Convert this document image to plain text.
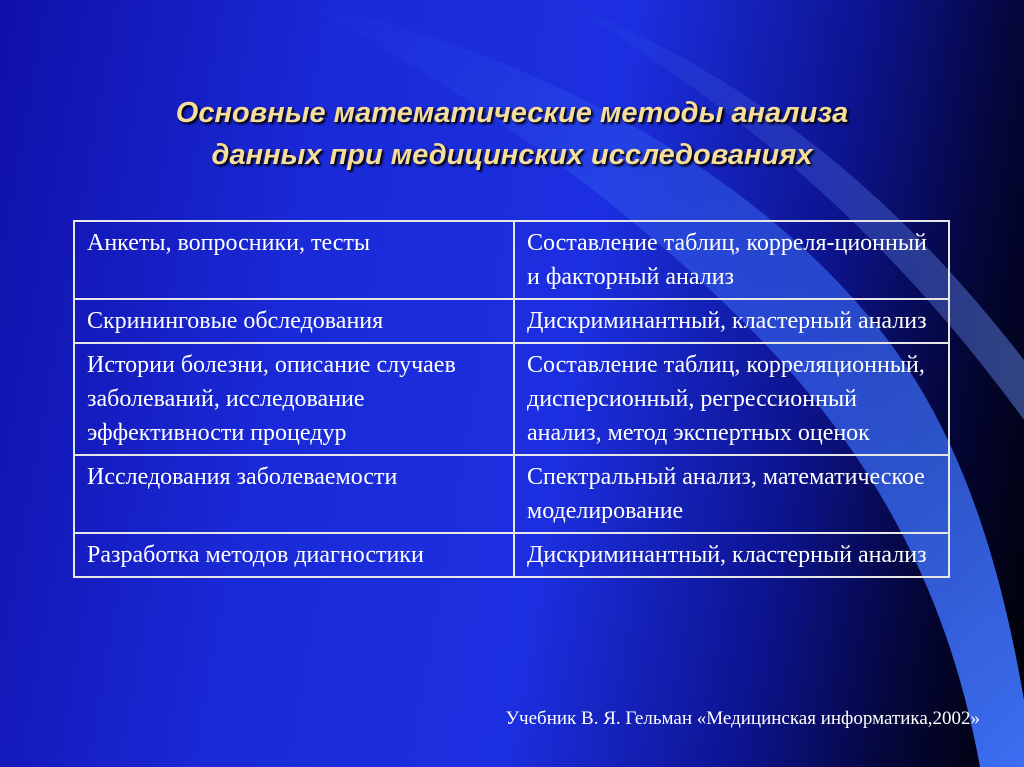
Основные математические методы анализа
данных при медицинских исследованиях
Анкеты, вопросники, тесты	Составление таблиц, корреля-ционный и факторный анализ
Скрининговые обследования	Дискриминантный, кластерный анализ
Истории болезни, описание случаев заболеваний, исследование эффективности процедур	Составление таблиц, корреляционный, дисперсионный, регрессионный анализ, метод экспертных оценок
Исследования заболеваемости	Спектральный анализ, математическое моделирование
Разработка методов диагностики	Дискриминантный, кластерный анализ
Учебник В. Я. Гельман «Медицинская информатика,2002»
